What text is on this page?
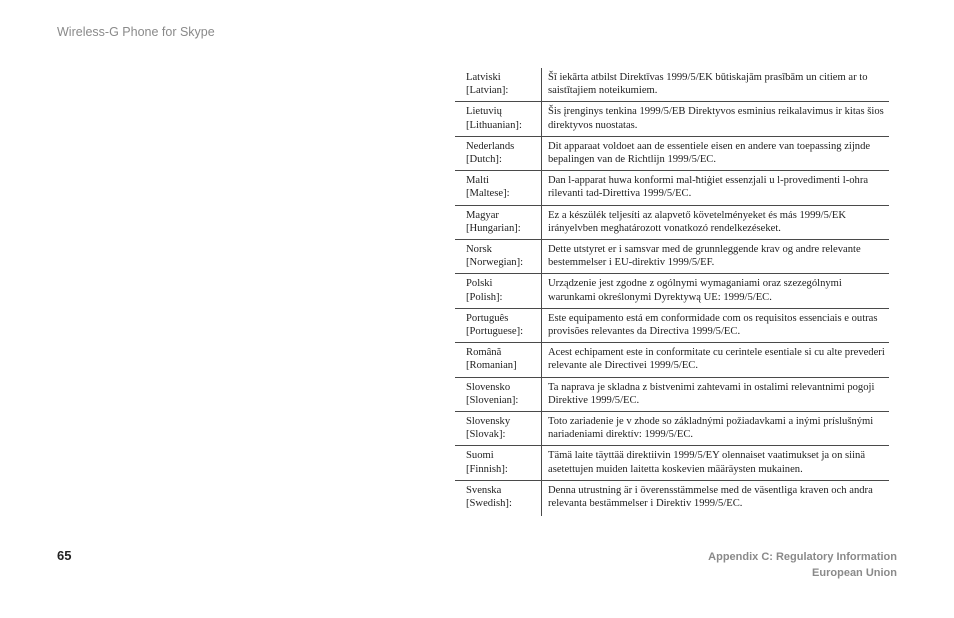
Wireless-G Phone for Skype
Latviski
[Latvian]:	Šī iekārta atbilst Direktīvas 1999/5/EK būtiskajām prasībām un citiem ar to saistītajiem noteikumiem.

Lietuvių
[Lithuanian]:	Šis įrenginys tenkina 1999/5/EB Direktyvos esminius reikalavimus ir kitas šios direktyvos nuostatas.

Nederlands
[Dutch]:	Dit apparaat voldoet aan de essentiele eisen en andere van toepassing zijnde bepalingen van de Richtlijn 1999/5/EC.

Malti
[Maltese]:	Dan l-apparat huwa konformi mal-ħtiġiet essenzjali u l-provedimenti l-ohra rilevanti tad-Direttiva 1999/5/EC.

Magyar
[Hungarian]:	Ez a készülék teljesíti az alapvető követelményeket és más 1999/5/EK irányelvben meghatározott vonatkozó rendelkezéseket.

Norsk
[Norwegian]:	Dette utstyret er i samsvar med de grunnleggende krav og andre relevante bestemmelser i EU-direktiv 1999/5/EF.

Polski
[Polish]:	Urządzenie jest zgodne z ogólnymi wymaganiami oraz szezególnymi warunkami określonymi Dyrektywą UE: 1999/5/EC.

Português
[Portuguese]:	Este equipamento está em conformidade com os requisitos essenciais e outras provisões relevantes da Directiva 1999/5/EC.

Română
[Romanian]	Acest echipament este in conformitate cu cerintele esentiale si cu alte prevederi relevante ale Directivei 1999/5/EC.

Slovensko
[Slovenian]:	Ta naprava je skladna z bistvenimi zahtevami in ostalimi relevantnimi pogoji Direktive 1999/5/EC.

Slovensky
[Slovak]:	Toto zariadenie je v zhode so základnými požiadavkami a inými príslušnými nariadeniami direktív: 1999/5/EC.

Suomi
[Finnish]:	Tämä laite täyttää direktiivin 1999/5/EY olennaiset vaatimukset ja on siinä asetettujen muiden laitetta koskevien määräysten mukainen.

Svenska
[Swedish]:	Denna utrustning är i överensstämmelse med de väsentliga kraven och andra relevanta bestämmelser i Direktiv 1999/5/EC.
65	Appendix C: Regulatory Information
European Union
